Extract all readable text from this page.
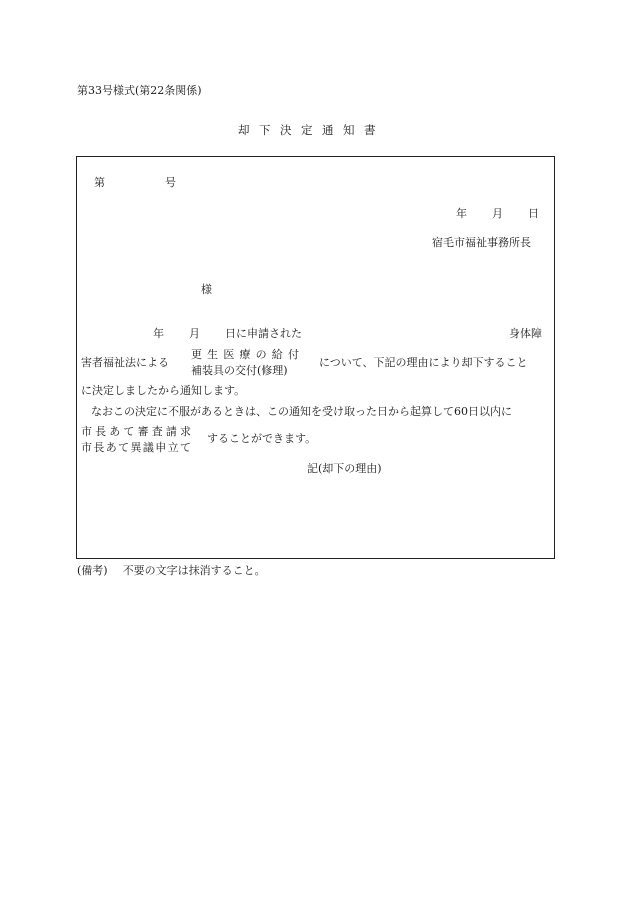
第33号様式(第22条関係)
却 下 決 定 通 知 書
第	号
年 月 日
宿毛市福祉事務所長
様
年 月 日に申請された	身体障
害者福祉法による
更 生 医 療 の 給 付
補装具の交付(修理)
について、下記の理由により却下すること
に決定しましたから通知します。
なおこの決定に不服があるときは、この通知を受け取った日から起算して60日以内に
市 長 あ て 審 査 請 求
市 長 あ て 異 議 申 立 て
することができます。
記(却下の理由)
(備考) 不要の文字は抹消すること。
